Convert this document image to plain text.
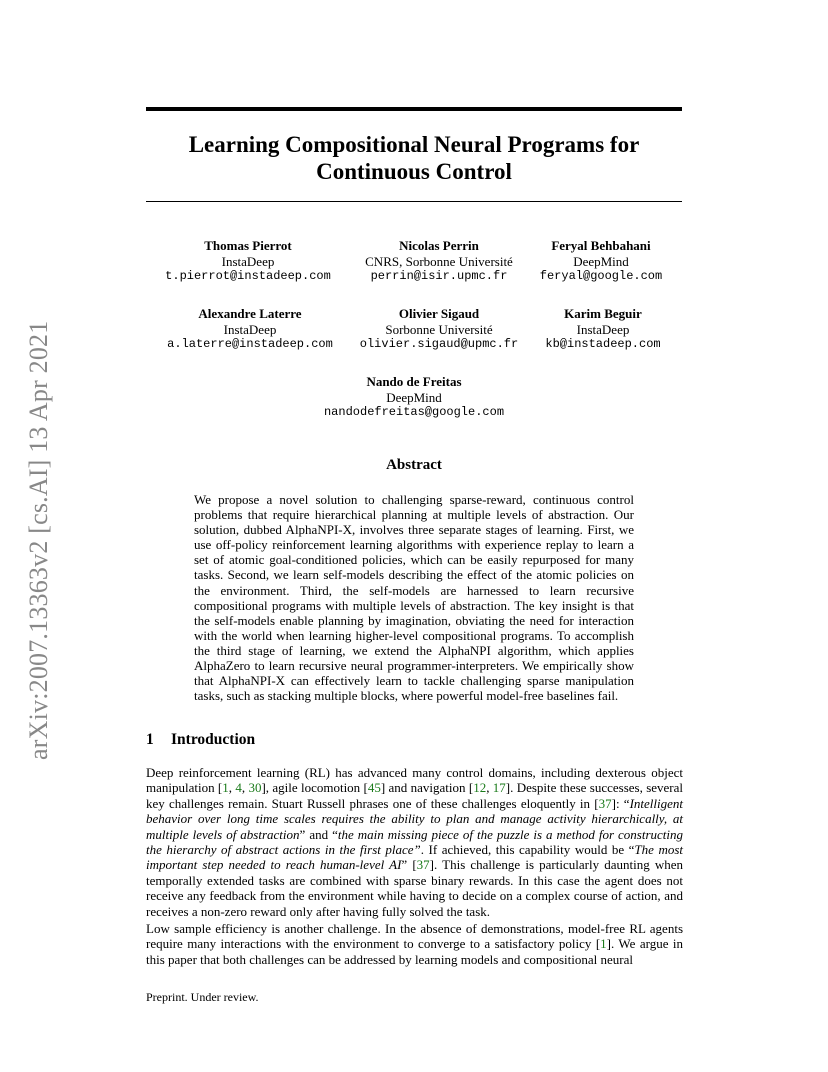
arXiv:2007.13363v2 [cs.AI] 13 Apr 2021
Learning Compositional Neural Programs for
Continuous Control
Thomas Pierrot
InstaDeep
t.pierrot@instadeep.com
Nicolas Perrin
CNRS, Sorbonne Université
perrin@isir.upmc.fr
Feryal Behbahani
DeepMind
feryal@google.com
Alexandre Laterre
InstaDeep
a.laterre@instadeep.com
Olivier Sigaud
Sorbonne Université
olivier.sigaud@upmc.fr
Karim Beguir
InstaDeep
kb@instadeep.com
Nando de Freitas
DeepMind
nandodefreitas@google.com
Abstract
We propose a novel solution to challenging sparse-reward, continuous control problems that require hierarchical planning at multiple levels of abstraction. Our solution, dubbed AlphaNPI-X, involves three separate stages of learning. First, we use off-policy reinforcement learning algorithms with experience replay to learn a set of atomic goal-conditioned policies, which can be easily repurposed for many tasks. Second, we learn self-models describing the effect of the atomic policies on the environment. Third, the self-models are harnessed to learn recursive compositional programs with multiple levels of abstraction. The key insight is that the self-models enable planning by imagination, obviating the need for interaction with the world when learning higher-level compositional programs. To accomplish the third stage of learning, we extend the AlphaNPI algorithm, which applies AlphaZero to learn recursive neural programmer-interpreters. We empirically show that AlphaNPI-X can effectively learn to tackle challenging sparse manipulation tasks, such as stacking multiple blocks, where powerful model-free baselines fail.
1 Introduction
Deep reinforcement learning (RL) has advanced many control domains, including dexterous object manipulation [1, 4, 30], agile locomotion [45] and navigation [12, 17]. Despite these successes, several key challenges remain. Stuart Russell phrases one of these challenges eloquently in [37]: “Intelligent behavior over long time scales requires the ability to plan and manage activity hierarchically, at multiple levels of abstraction” and “the main missing piece of the puzzle is a method for constructing the hierarchy of abstract actions in the first place”. If achieved, this capability would be “The most important step needed to reach human-level AI” [37]. This challenge is particularly daunting when temporally extended tasks are combined with sparse binary rewards. In this case the agent does not receive any feedback from the environment while having to decide on a complex course of action, and receives a non-zero reward only after having fully solved the task.
Low sample efficiency is another challenge. In the absence of demonstrations, model-free RL agents require many interactions with the environment to converge to a satisfactory policy [1]. We argue in this paper that both challenges can be addressed by learning models and compositional neural
Preprint. Under review.
